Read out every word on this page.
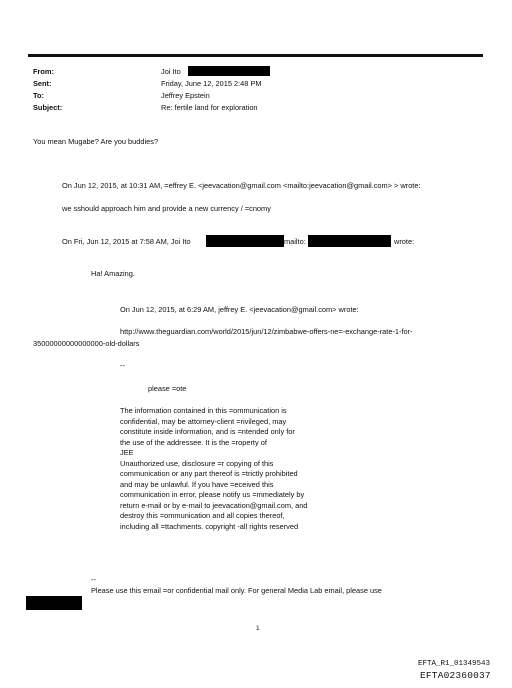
From:
Sent:
To:
Subject:
Joi Ito
Friday, June 12, 2015 2:48 PM
Jeffrey Epstein
Re: fertile land for exploration
You mean Mugabe? Are you buddies?
On Jun 12, 2015, at 10:31 AM, =effrey E. <jeevacation@gmail.com <mailto:jeevacation@gmail.com> > wrote:
we sshould approach him and provide a new currency / =cnomy
On Fri, Jun 12, 2015 at 7:58 AM, Joi Ito	mailto:	wrote:
Ha! Amazing.
On Jun 12, 2015, at 6:29 AM, jeffrey E. <jeevacation@gmail.com> wrote:
http://www.theguardian.com/world/2015/jun/12/zimbabwe-offers-ne=-exchange-rate-1-for-
35000000000000000-old-dollars
--
please =ote
The information contained in this =ommunication is
confidential, may be attorney-client =rivileged, may
constitute inside information, and is =ntended only for
the use of the addressee. It is the =roperty of
JEE
Unauthorized use, disclosure =r copying of this
communication or any part thereof is =trictly prohibited
and may be unlawful. If you have =eceived this
communication in error, please notify us =mmediately by
return e-mail or by e-mail to jeevacation@gmail.com, and
destroy this =ommunication and all copies thereof,
including all =ttachments. copyright -all rights reserved
--
Please use this email =or confidential mail only. For general Media Lab email, please use
1
EFTA_R1_01349543
EFTA02360037
